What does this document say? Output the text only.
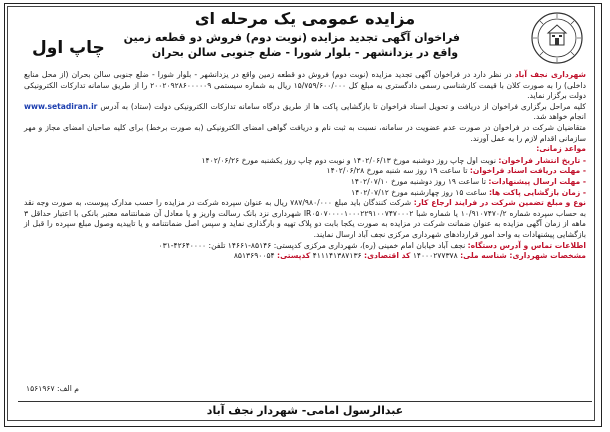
مزایده عمومی یک مرحله ای
فراخوان آگهی تجدید مزایده (نوبت دوم) فروش دو قطعه زمین
واقع در یزدانشهر - بلوار شورا - ضلع جنوبی سالن بحران
چاپ اول

شهرداری نجف آباد در نظر دارد در فراخوان آگهی تجدید مزایده (نوبت دوم) فروش دو قطعه زمین واقع در یزدانشهر - بلوار شورا - ضلع جنوبی سالن بحران (از محل منابع داخلی) را به صورت کلان با قیمت کارشناسی رسمی دادگستری به مبلغ کل ۱۵/۷۵۹/۶۰۰/۰۰۰ ریال به شماره سیستمی ۲۰۰۲۰۹۲۸۶۰۰۰۰۰۹ را از طریق سامانه تدارکات الکترونیکی دولت برگزار نماید.

کلیه مراحل برگزاری فراخوان از دریافت و تحویل اسناد فراخوان تا بازگشایی پاکت ها از طریق درگاه سامانه تدارکات الکترونیکی دولت (ستاد) به آدرس www.setadiran.ir انجام خواهد شد.

متقاضیان شرکت در فراخوان در صورت عدم عضویت در سامانه، نسبت به ثبت نام و دریافت گواهی امضای الکترونیکی (به صورت برخط) برای کلیه صاحبان امضای مجاز و مهر سازمانی اقدام لازم را به عمل آورند.

مواعد زمانی:

- تاریخ انتشار فراخوان: نوبت اول چاپ روز دوشنبه مورخ ۱۴۰۲/۰۶/۱۳ و نوبت دوم چاپ روز یکشنبه مورخ ۱۴۰۲/۰۶/۲۶
- مهلت دریافت اسناد فراخوان: تا ساعت ۱۹ روز سه شنبه مورخ ۱۴۰۲/۰۶/۲۸
- مهلت ارسال پیشنهادات: تا ساعت ۱۹ روز دوشنبه مورخ ۱۴۰۲/۰۷/۱۰
- زمان بازگشایی پاکت ها: ساعت ۱۵ روز چهارشنبه مورخ ۱۴۰۲/۰۷/۱۲

نوع و مبلغ تضمین شرکت در فرایند ارجاع کار: شرکت کنندگان باید مبلغ ۷۸۷/۹۸۰/۰۰۰ ریال به عنوان سپرده شرکت در مزایده را حسب مدارک پیوست، به صورت وجه نقد به حساب سپرده شماره ۱۰/۹۱۰۷۴۷۰/۲ یا شماره شبا IR۰۵۰۷۰۰۰۰۱۰۰۰۲۲۹۱۰۰۷۴۷۰۰۰۲ شهرداری نزد بانک رسالت واریز و یا معادل آن ضمانتنامه معتبر بانکی با اعتبار حداقل ۳ ماهه از زمان آگهی مزایده به عنوان ضمانت شرکت در مزایده به صورت یکجا بابت دو پلاک تهیه و بارگذاری نماید و سپس اصل ضمانتنامه و یا تاییدیه وصول مبلغ سپرده را قبل از بازگشایی پیشنهادات به واحد امور قراردادهای شهرداری مرکزی نجف آباد ارسال نمایند.

اطلاعات تماس و آدرس دستگاه: نجف آباد خیابان امام خمینی (ره)، شهرداری مرکزی کدپستی: ۸۵۱۴۶-۱۴۶۶۱ تلفن: ۴۲۶۴۰۰۰۰-۰۳۱

مشخصات شهرداری: شناسه ملی: ۱۴۰۰۰۲۷۷۳۷۸ کد اقتصادی: ۴۱۱۱۴۱۳۸۷۱۳۶ کدپستی: ۸۵۱۳۶۹۰۰۵۴

م الف: ۱۵۶۱۹۶۷
عبدالرسول امامی- شهردار نجف آباد
